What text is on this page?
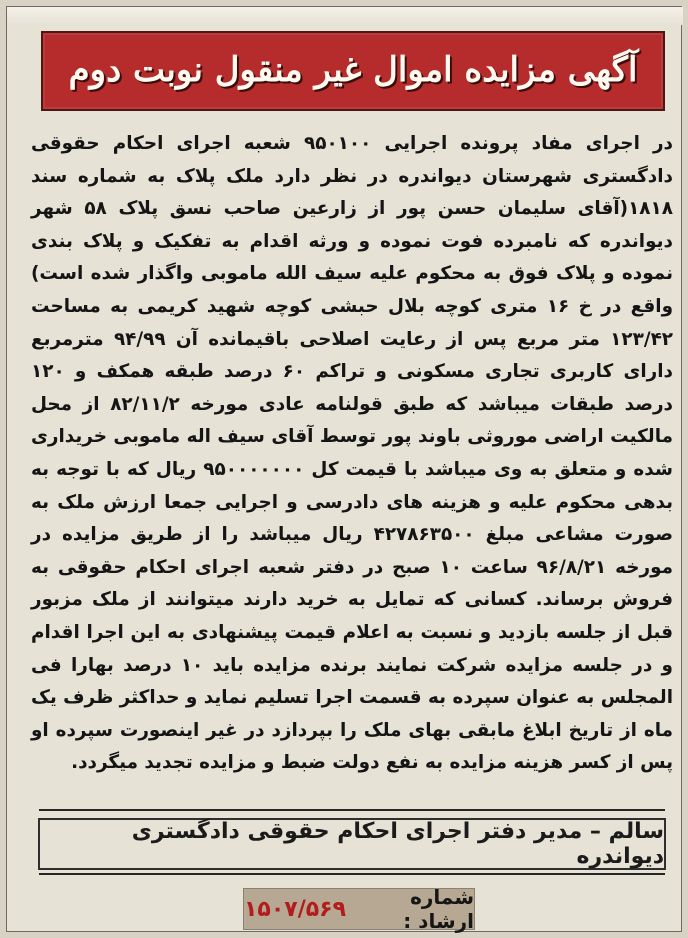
آگهی مزایده اموال غیر منقول نوبت دوم
در اجرای مفاد پرونده اجرایی ۹۵۰۱۰۰ شعبه اجرای احکام حقوقی دادگستری شهرستان دیواندره در نظر دارد ملک پلاک به شماره سند ۱۸۱۸(آقای سلیمان حسن پور از زارعین صاحب نسق پلاک ۵۸ شهر دیواندره که نامبرده فوت نموده و ورثه اقدام به تفکیک و پلاک بندی نموده و پلاک فوق به محکوم علیه سیف الله ماموبی واگذار شده است) واقع در خ ۱۶ متری کوچه بلال حبشی کوچه شهید کریمی به مساحت ۱۲۳/۴۲ متر مربع پس از رعایت اصلاحی باقیمانده آن ۹۴/۹۹ مترمربع دارای کاربری تجاری مسکونی و تراکم ۶۰ درصد طبقه همکف و ۱۲۰ درصد طبقات میباشد که طبق قولنامه عادی مورخه ۸۲/۱۱/۲ از محل مالکیت اراضی موروثی باوند پور توسط آقای سیف اله ماموبی خریداری شده و متعلق به وی میباشد با قیمت کل ۹۵۰۰۰۰۰۰۰ ریال که با توجه به بدهی محکوم علیه و هزینه های دادرسی و اجرایی جمعا ارزش ملک به صورت مشاعی مبلغ ۴۲۷۸۶۳۵۰۰ ریال میباشد را از طریق مزایده در مورخه ۹۶/۸/۲۱ ساعت ۱۰ صبح در دفتر شعبه اجرای احکام حقوقی به فروش برساند. کسانی که تمایل به خرید دارند میتوانند از ملک مزبور قبل از جلسه بازدید و نسبت به اعلام قیمت پیشنهادی به این اجرا اقدام و در جلسه مزایده شرکت نمایند برنده مزایده باید ۱۰ درصد بهارا فی المجلس به عنوان سپرده به قسمت اجرا تسلیم نماید و حداکثر ظرف یک ماه از تاریخ ابلاغ مابقی بهای ملک را بپردازد در غیر اینصورت سپرده او پس از کسر هزینه مزایده به نفع دولت ضبط و مزایده تجدید میگردد.
سالم – مدیر دفتر اجرای احکام حقوقی دادگستری دیواندره
شماره ارشاد :
۱۵۰۷/۵۶۹
